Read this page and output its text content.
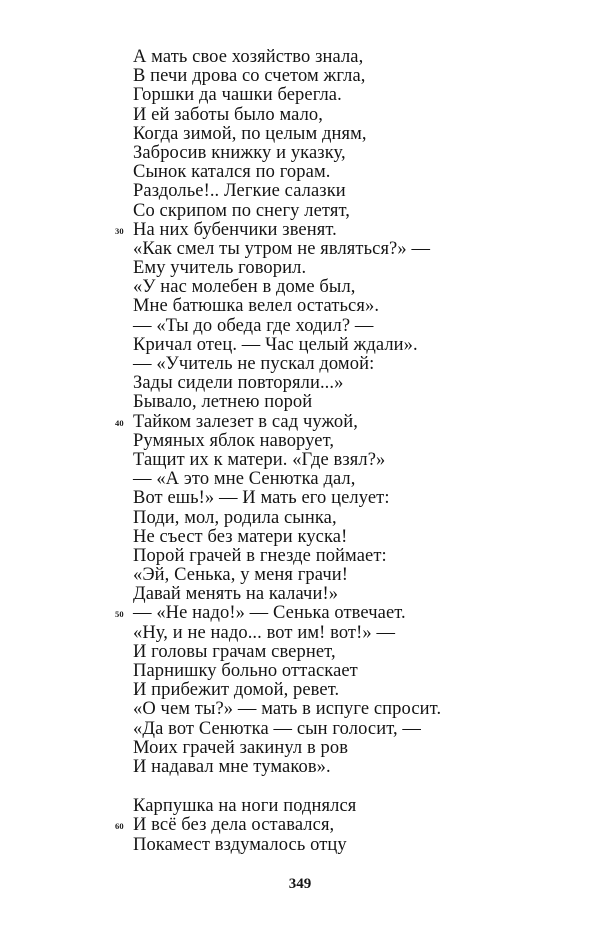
А мать свое хозяйство знала,
В печи дрова со счетом жгла,
Горшки да чашки берегла.
И ей заботы было мало,
Когда зимой, по целым дням,
Забросив книжку и указку,
Сынок катался по горам.
Раздолье!.. Легкие салазки
Со скрипом по снегу летят,
30 На них бубенчики звенят.
«Как смел ты утром не являться?» —
Ему учитель говорил.
«У нас молебен в доме был,
Мне батюшка велел остаться».
— «Ты до обеда где ходил? —
Кричал отец. — Час целый ждали».
— «Учитель не пускал домой:
Зады сидели повторяли...»
Бывало, летнею порой
40 Тайком залезет в сад чужой,
Румяных яблок наворует,
Тащит их к матери. «Где взял?»
— «А это мне Сенютка дал,
Вот ешь!» — И мать его целует:
Поди, мол, родила сынка,
Не съест без матери куска!
Порой грачей в гнезде поймает:
«Эй, Сенька, у меня грачи!
Давай менять на калачи!»
50 — «Не надо!» — Сенька отвечает.
«Ну, и не надо... вот им! вот!» —
И головы грачам свернет,
Парнишку больно оттаскает
И прибежит домой, ревет.
«О чем ты?» — мать в испуге спросит.
«Да вот Сенютка — сын голосит, —
Моих грачей закинул в ров
И надавал мне тумаков».
Карпушка на ноги поднялся
60 И всё без дела оставался,
Покамест вздумалось отцу
349
